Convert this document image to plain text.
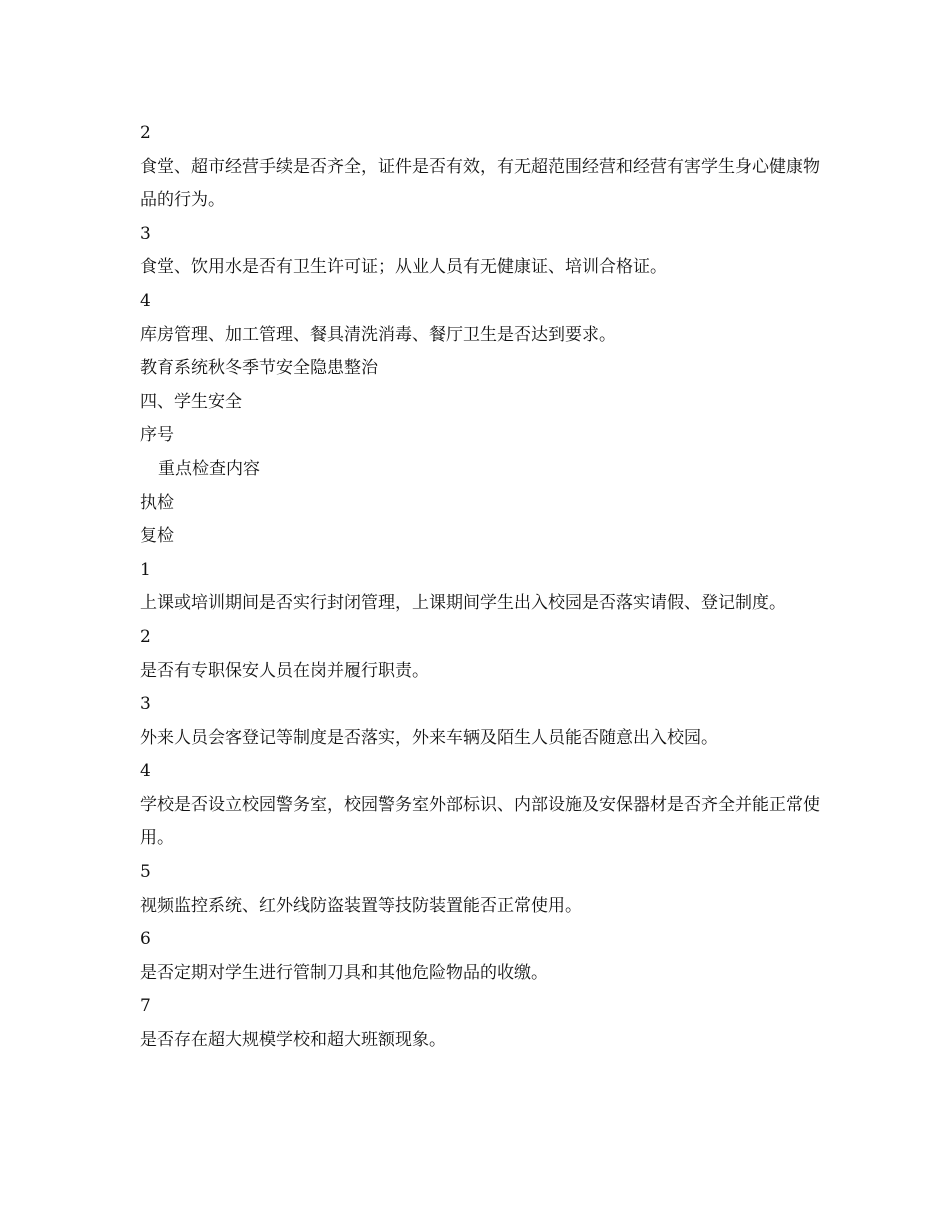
2

食堂、超市经营手续是否齐全，证件是否有效，有无超范围经营和经营有害学生身心健康物品的行为。

3

食堂、饮用水是否有卫生许可证；从业人员有无健康证、培训合格证。

4

库房管理、加工管理、餐具清洗消毒、餐厅卫生是否达到要求。

教育系统秋冬季节安全隐患整治

四、学生安全

序号

重点检查内容

执检

复检

1

上课或培训期间是否实行封闭管理，上课期间学生出入校园是否落实请假、登记制度。

2

是否有专职保安人员在岗并履行职责。

3

外来人员会客登记等制度是否落实，外来车辆及陌生人员能否随意出入校园。

4

学校是否设立校园警务室，校园警务室外部标识、内部设施及安保器材是否齐全并能正常使用。

5

视频监控系统、红外线防盗装置等技防装置能否正常使用。

6

是否定期对学生进行管制刀具和其他危险物品的收缴。

7

是否存在超大规模学校和超大班额现象。
